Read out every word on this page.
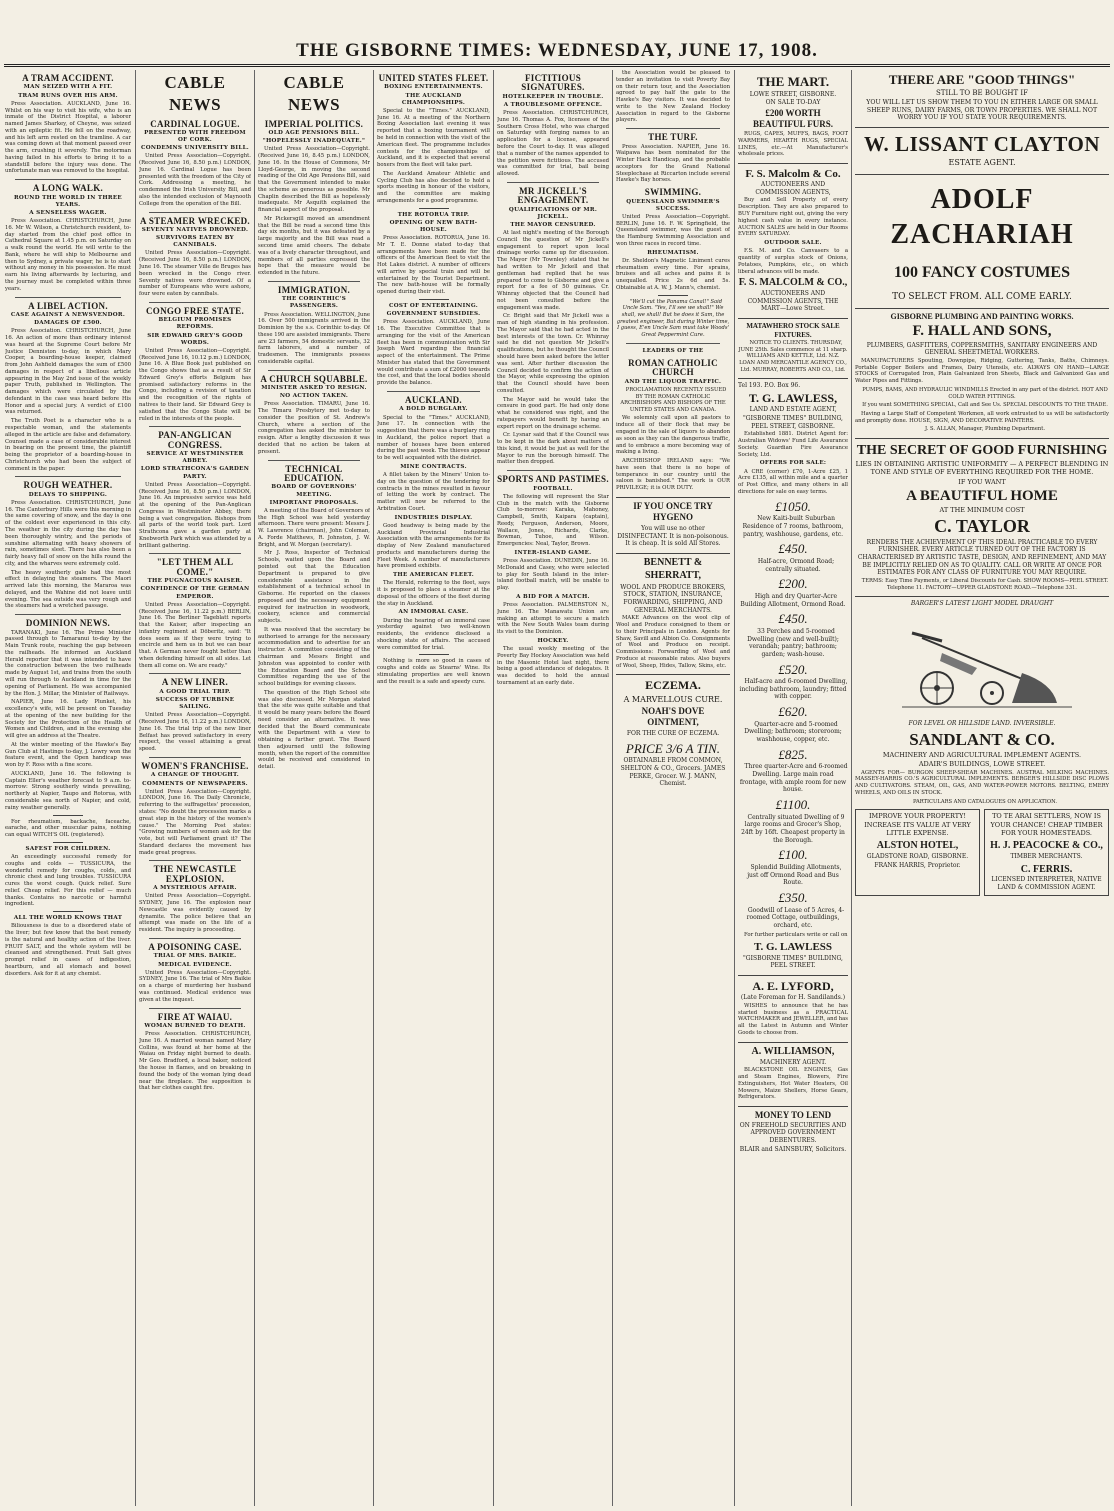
THE GISBORNE TIMES: WEDNESDAY, JUNE 17, 1908.
A TRAM ACCIDENT.
MAN SEIZED WITH A FIT.
TRAM RUNS OVER HIS ARM.

Press Association. AUCKLAND, June 16. Whilst on his way to visit his wife, who is an inmate of the District Hospital, a laborer named James Sharkey, of Cheyne, was seized with an epileptic fit. He fell on the roadway, and his left arm rested on the tramline. A car was coming down at that moment passed over the arm, crushing it severely. The motorman having failed in his efforts to bring it to a standstill before the injury was done. The unfortunate man was removed to the hospital.

A LONG WALK.
ROUND THE WORLD IN THREE YEARS.
A SENSELESS WAGER.

Press Association. CHRISTCHURCH, June 16. Mr W. Wilson, a Christchurch resident, to-day started from the chief post office in Cathedral Square at 1.45 p.m. on Saturday on a walk round the world. He will write to the Bank, where he will ship to Melbourne and then to Sydney, a private wager, he is to start without any money in his possession. He must earn his living afterwards by lecturing, and the journey must be completed within three years.

A LIBEL ACTION.
CASE AGAINST A NEWSVENDOR.
DAMAGES OF £500.

Press Association. CHRISTCHURCH, June 16. An action of more than ordinary interest was heard at the Supreme Court before Mr Justice Denniston to-day, in which Mary Cooper, a boarding-house keeper, claimed from John Ashfield damages the sum of £500 damages in respect of a libellous article appearing in the May 2nd issue of the weekly paper Truth, published in Wellington. The damages which were circulated by the defendant in the case was heard before His Honor and a special jury. A verdict of £100 was returned.

The Truth Poet is a character who is a respectable woman, and the statements alleged in the article are false and defamatory. Counsel made a case of considerable interest in bearing on the present time, the plaintiff being the proprietor of a boarding-house in Christchurch who had been the subject of comment in the paper.

ROUGH WEATHER.
DELAYS TO SHIPPING.

Press Association. CHRISTCHURCH, June 16. The Canterbury Hills were this morning in the same covering of snow, and the day is one of the coldest ever experienced in this city. The weather in the city during the day has been thoroughly wintry, and the periods of sunshine alternating with heavy showers of rain, sometimes sleet. There has also been a fairly heavy fall of snow on the hills round the city, and the wharves were extremely cold.

The heavy southerly gale had the most effect in delaying the steamers. The Maori arrived late this morning, the Mararoa was delayed, and the Wahine did not leave until evening. The sea outside was very rough and the steamers had a wretched passage.

DOMINION NEWS.

TARANAKI, June 16. The Prime Minister passed through to Tamaranui to-day by the Main Trunk route, reaching the gap between the railheads. He informed an Auckland Herald reporter that it was intended to have the construction between the two railheads made by August 1st, and trains from the south will run through to Auckland in time for the opening of Parliament. He was accompanied by the Hon. J. Millar, the Minister of Railways.

NAPIER, June 16. Lady Plunket, his excellency's wife, will be present on Tuesday at the opening of the new building for the Society for the Protection of the Health of Women and Children, and in the evening she will give an address at the Theatre.

At the winter meeting of the Hawke's Bay Gun Club at Hastings to-day, J. Lowry won the feature event, and the Open handicap was won by F. Ross with a fine score.

AUCKLAND, June 16. The following is Captain Eller's weather forecast to 9 a.m. to-morrow: Strong southerly winds prevailing, northerly at Napier, Taupo and Rotorua, with considerable sea north of Napier, and cold, rainy weather generally.

For rheumatism, backache, faceache, earache, and other muscular pains, nothing can equal WITCH'S OIL (registered).

SAFEST FOR CHILDREN.

An exceedingly successful remedy for coughs and colds — TUSSICURA, the wonderful remedy for coughs, colds, and chronic chest and lung troubles. TUSSICURA cures the worst cough. Quick relief. Sure relief. Cheap relief. For this relief — much thanks. Contains no narcotic or harmful ingredient.

ALL THE WORLD KNOWS THAT

Biliousness is due to a disordered state of the liver; but few know that the best remedy is the natural and healthy action of the liver. FRUIT SALT, and the whole system will be cleansed and strengthened. Fruit Salt gives prompt relief in cases of indigestion, heartburn, and all stomach and bowel disorders. Ask for it at any chemist.

CABLE NEWS
CARDINAL LOGUE.
PRESENTED WITH FREEDOM OF CORK.
CONDEMNS UNIVERSITY BILL.

United Press Association—Copyright. (Received June 16, 8.50 p.m.) LONDON, June 16. Cardinal Logue has been presented with the freedom of the City of Cork. Addressing a meeting, he condemned the Irish University Bill, and also the intended exclusion of Maynooth College from the operation of the Bill.

A STEAMER WRECKED.
SEVENTY NATIVES DROWNED.
SURVIVORS EATEN BY CANNIBALS.

United Press Association—Copyright. (Received June 16, 8.50 p.m.) LONDON, June 16. The steamer Ville de Bruges has been wrecked in the Congo river. Seventy natives were drowned. Of a number of Europeans who were ashore, four were eaten by cannibals.

CONGO FREE STATE.
BELGIUM PROMISES REFORMS.
SIR EDWARD GREY'S GOOD WORDS.

United Press Association—Copyright. (Received June 16, 10.12 p.m.) LONDON, June 16. A Blue Book just published on the Congo shows that as a result of Sir Edward Grey's efforts Belgium has promised satisfactory reforms in the Congo, including a revision of taxation and the recognition of the rights of natives to their land. Sir Edward Grey is satisfied that the Congo State will be ruled in the interests of the people.

PAN-ANGLICAN CONGRESS.
SERVICE AT WESTMINSTER ABBEY.
LORD STRATHCONA'S GARDEN PARTY.

United Press Association—Copyright. (Received June 16, 8.50 p.m.) LONDON, June 16. An impressive service was held at the opening of the Pan-Anglican Congress in Westminster Abbey, there being a vast congregation. Bishops from all parts of the world took part. Lord Strathcona gave a garden party at Knebworth Park which was attended by a brilliant gathering.

"LET THEM ALL COME."
THE PUGNACIOUS KAISER.
CONFIDENCE OF THE GERMAN EMPEROR.

United Press Association—Copyright. (Received June 16, 11.22 p.m.) BERLIN, June 16. The Berliner Tageblatt reports that the Kaiser, after inspecting an infantry regiment at Döberitz, said: "It does seem as if they were trying to encircle and hem us in but we can bear that. A German never fought better than when defending himself on all sides. Let them all come on. We are ready."

A NEW LINER.
A GOOD TRIAL TRIP.
SUCCESS OF TURBINE SAILING.

United Press Association—Copyright. (Received June 16, 11.22 p.m.) LONDON, June 16. The trial trip of the new liner Belfast has proved satisfactory in every respect, the vessel attaining a great speed.

WOMEN'S FRANCHISE.
A CHANGE OF THOUGHT.
COMMENTS OF NEWSPAPERS.

United Press Association—Copyright. LONDON, June 16. The Daily Chronicle, referring to the suffragettes' procession, states: "No doubt the procession marks a great step in the history of the women's cause." The Morning Post states: "Growing numbers of women ask for the vote, but will Parliament grant it? The Standard declares the movement has made great progress.

THE NEWCASTLE EXPLOSION.
A MYSTERIOUS AFFAIR.

United Press Association—Copyright. SYDNEY, June 16. The explosion near Newcastle was evidently caused by dynamite. The police believe that an attempt was made on the life of a resident. The inquiry is proceeding.

A POISONING CASE.
TRIAL OF MRS. BAIKIE.
MEDICAL EVIDENCE.

United Press Association—Copyright. SYDNEY, June 16. The trial of Mrs Baikie on a charge of murdering her husband was continued. Medical evidence was given at the inquest.

FIRE AT WAIAU.
WOMAN BURNED TO DEATH.

Press Association. CHRISTCHURCH, June 16. A married woman named Mary Collins, was found at her home at the Waiau on Friday night burned to death. Mr Geo. Bradford, a local baker, noticed the house in flames, and on breaking in found the body of the woman lying dead near the fireplace. The supposition is that her clothes caught fire.

CABLE NEWS
IMPERIAL POLITICS.
OLD AGE PENSIONS BILL.
"HOPELESSLY INADEQUATE."

United Press Association—Copyright. (Received June 16, 8.45 p.m.) LONDON, June 16. In the House of Commons, Mr Lloyd-George, in moving the second reading of the Old Age Pensions Bill, said that the Government intended to make the scheme as generous as possible. Mr Chaplin described the Bill as hopelessly inadequate. Mr Asquith explained the financial aspect of the proposal.

Mr Pickersgill moved an amendment that the Bill be read a second time this day six months, but it was defeated by a large majority and the Bill was read a second time amid cheers. The debate was of a lively character throughout, and members of all parties expressed the hope that the measure would be extended in the future.

IMMIGRATION.
THE CORINTHIC'S PASSENGERS.

Press Association. WELLINGTON, June 16. Over 500 immigrants arrived in the Dominion by the s.s. Corinthic to-day. Of these 190 are assisted immigrants. There are 23 farmers, 54 domestic servants, 32 farm laborers, and a number of tradesmen. The immigrants possess considerable capital.

A CHURCH SQUABBLE.
MINISTER ASKED TO RESIGN.
NO ACTION TAKEN.

Press Association. TIMARU, June 16. The Timaru Presbytery met to-day to consider the position of St. Andrew's Church, where a section of the congregation has asked the minister to resign. After a lengthy discussion it was decided that no action be taken at present.

TECHNICAL EDUCATION.
BOARD OF GOVERNORS' MEETING.
IMPORTANT PROPOSALS.

A meeting of the Board of Governors of the High School was held yesterday afternoon. There were present: Messrs J. W. Lawrence (chairman), John Coleman, A. Forde Matthews, R. Johnston, J. W. Bright, and W. Morgan (secretary).

Mr J. Ross, Inspector of Technical Schools, waited upon the Board and pointed out that the Education Department is prepared to give considerable assistance in the establishment of a technical school in Gisborne. He reported on the classes proposed and the necessary equipment required for instruction in woodwork, cookery, science and commercial subjects.

It was resolved that the secretary be authorised to arrange for the necessary accommodation and to advertise for an instructor. A committee consisting of the chairman and Messrs Bright and Johnston was appointed to confer with the Education Board and the School Committee regarding the use of the school buildings for evening classes.

The question of the High School site was also discussed. Mr Morgan stated that the site was quite suitable and that it would be many years before the Board need consider an alternative. It was decided that the Board communicate with the Department with a view to obtaining a further grant. The Board then adjourned until the following month, when the report of the committee would be received and considered in detail.

UNITED STATES FLEET.
BOXING ENTERTAINMENTS.
THE AUCKLAND CHAMPIONSHIPS.

Special to the "Times." AUCKLAND, June 16. At a meeting of the Northern Boxing Association last evening it was reported that a boxing tournament will be held in connection with the visit of the American fleet. The programme includes contests for the championships of Auckland, and it is expected that several boxers from the fleet will take part.

The Auckland Amateur Athletic and Cycling Club has also decided to hold a sports meeting in honour of the visitors, and the committee are making arrangements for a good programme.

THE ROTORUA TRIP.
OPENING OF NEW BATH-HOUSE.

Press Association. ROTORUA, June 16. Mr T. E. Donne stated to-day that arrangements have been made for the officers of the American fleet to visit the Hot Lakes district. A number of officers will arrive by special train and will be entertained by the Tourist Department. The new bath-house will be formally opened during their visit.

COST OF ENTERTAINING.
GOVERNMENT SUBSIDIES.

Press Association. AUCKLAND, June 16. The Executive Committee that is arranging for the visit of the American fleet has been in communication with Sir Joseph Ward regarding the financial aspect of the entertainment. The Prime Minister has stated that the Government would contribute a sum of £2000 towards the cost, and that the local bodies should provide the balance.

AUCKLAND.
A BOLD BURGLARY.

Special to the "Times." AUCKLAND, June 17. In connection with the suggestion that there was a burglary ring in Auckland, the police report that a number of houses have been entered during the past week. The thieves appear to be well acquainted with the district.

MINE CONTRACTS.

A fillet taken by the Miners' Union to-day on the question of the tendering for contracts in the mines resulted in favour of letting the work by contract. The matter will now be referred to the Arbitration Court.

INDUSTRIES DISPLAY.

Good headway is being made by the Auckland Provincial Industrial Association with the arrangements for its display of New Zealand manufactured products and manufacturers during the Fleet Week. A number of manufacturers have promised exhibits.

THE AMERICAN FLEET.

The Herald, referring to the fleet, says it is proposed to place a steamer at the disposal of the officers of the fleet during the stay in Auckland.

AN IMMORAL CASE.

During the hearing of an immoral case yesterday against two well-known residents, the evidence disclosed a shocking state of affairs. The accused were committed for trial.

Nothing is more so good in cases of coughs and colds as Stearns' Wine. Its stimulating properties are well known and the result is a safe and speedy cure.

FICTITIOUS SIGNATURES.
HOTELKEEPER IN TROUBLE.
A TROUBLESOME OFFENCE.

Press Association. CHRISTCHURCH, June 16. Thomas A. Fox, licensee of the Southern Cross Hotel, who was charged on Saturday with forging names to an application for a license, appeared before the Court to-day. It was alleged that a number of the names appended to the petition were fictitious. The accused was committed for trial, bail being allowed.

MR JICKELL'S ENGAGEMENT.
QUALIFICATIONS OF MR. JICKELL.
THE MAYOR CENSURED.

At last night's meeting of the Borough Council the question of Mr Jickell's engagement to report upon local drainage works came up for discussion. The Mayor (Mr Townley) stated that he had written to Mr Jickell and that gentleman had replied that he was prepared to come to Gisborne and give a report for a fee of 50 guineas. Cr. Whinray objected that the Council had not been consulted before the engagement was made.

Cr. Bright said that Mr Jickell was a man of high standing in his profession. The Mayor said that he had acted in the best interests of the town. Cr. Whinray said he did not question Mr Jickell's qualifications, but he thought the Council should have been asked before the letter was sent. After further discussion the Council decided to confirm the action of the Mayor, while expressing the opinion that the Council should have been consulted.

The Mayor said he would take the censure in good part. He had only done what he considered was right, and the ratepayers would benefit by having an expert report on the drainage scheme.

Cr. Lysnar said that if the Council was to be kept in the dark about matters of this kind, it would be just as well for the Mayor to run the borough himself. The matter then dropped.

SPORTS AND PASTIMES.
FOOTBALL.

The following will represent the Star Club in the match with the Gisborne Club to-morrow: Karaka, Mahoney, Campbell, Smith, Kaipara (captain), Reedy, Ferguson, Anderson, Moore, Wallace, Jones, Richards, Clarke, Bowman, Tuhoe, and Wilson. Emergencies: Neal, Taylor, Brown.

INTER-ISLAND GAME.

Press Association. DUNEDIN, June 16. McDonald and Casey, who were selected to play for South Island in the inter-island football match, will be unable to play.

A BID FOR A MATCH.

Press Association. PALMERSTON N., June 16. The Manawatu Union are making an attempt to secure a match with the New South Wales team during its visit to the Dominion.

HOCKEY.

The usual weekly meeting of the Poverty Bay Hockey Association was held in the Masonic Hotel last night, there being a good attendance of delegates. It was decided to hold the annual tournament at an early date.

the Association would be pleased to tender an invitation to visit Poverty Bay on their return tour, and the Association agreed to pay half the gate to the Hawke's Bay visitors. It was decided to write to the New Zealand Hockey Association in regard to the Gisborne players.

THE TURF.

Press Association. NAPIER, June 16. Waipawa has been nominated for the Winter Hack Handicap, and the probable acceptors for the Grand National Steeplechase at Riccarton include several Hawke's Bay horses.

SWIMMING.
QUEENSLAND SWIMMER'S SUCCESS.

United Press Association—Copyright. BERLIN, June 16. F. W. Springfield, the Queensland swimmer, was the guest of the Hamburg Swimming Association and won three races in record time.

RHEUMATISM.

Dr. Sheldon's Magnetic Liniment cures rheumatism every time. For sprains, bruises and all aches and pains it is unequalled. Price 2s 6d and 5s. Obtainable at A. W. J. Mann's, chemist.

"We'll cut the Panama Canal!" Said Uncle Sam. "Yes, I'll see we shall!" We shall, we shall! But he does it Sam, the greatest engineer, But during Winter time, I guess, E'en Uncle Sam must take Woods' Great Peppermint Cure.

LEADERS OF THE
ROMAN CATHOLIC CHURCH
AND THE LIQUOR TRAFFIC.

PROCLAMATION RECENTLY ISSUED BY THE ROMAN CATHOLIC ARCHBISHOPS AND BISHOPS OF THE UNITED STATES AND CANADA.

We solemnly call upon all pastors to induce all of their flock that may be engaged in the sale of liquors to abandon as soon as they can the dangerous traffic, and to embrace a more becoming way of making a living.

ARCHBISHOP IRELAND says: "We have seen that there is no hope of temperance in our country until the saloon is banished." The work is OUR PRIVILEGE; it is OUR DUTY.

IF YOU ONCE TRY HYGENO
You will use no other DISINFECTANT. It is non-poisonous. It is cheap. It is sold All Stores.
BENNETT & SHERRATT,
WOOL AND PRODUCE BROKERS, STOCK, STATION, INSURANCE, FORWARDING, SHIPPING, AND GENERAL MERCHANTS.

MAKE Advances on the wool clip of Wool and Produce consigned to them or to their Principals in London. Agents for Shaw, Savill and Albion Co. Consignments of Wool and Produce on receipt. Commissions: Forwarding of Wool and Produce at reasonable rates. Also buyers of Wool, Sheep, Hides, Tallow, Skins, etc.

ECZEMA.
A MARVELLOUS CURE.
NOAH'S DOVE OINTMENT,
FOR THE CURE OF ECZEMA.
PRICE 3/6 A TIN.
OBTAINABLE FROM COMMON, SHELTON & CO., Grocers. JAMES PERKE, Grocer. W. J. MANN, Chemist.
THE MART.
LOWE STREET, GISBORNE.
ON SALE TO-DAY
£200 WORTH BEAUTIFUL FURS.

RUGS, CAPES, MUFFS, BAGS, FOOT WARMERS, HEARTH RUGS, SPECIAL LINES, etc.—At Manufacturer's wholesale prices.

F. S. Malcolm & Co.
AUCTIONEERS AND COMMISSION AGENTS,

Buy and Sell Property of every Description. They are also prepared to BUY Furniture right out, giving the very highest cash value in every instance. AUCTION SALES are held in Our Rooms EVERY SATURDAY.

OUTDOOR SALE.

F.S. M. and Co. Canvasers to a quantity of surplus stock of Onions, Potatoes, Pumpkins, etc., on which liberal advances will be made.

F. S. MALCOLM & CO.,
AUCTIONEERS AND COMMISSION AGENTS, THE MART—Lowe Street.
MATAWHERO STOCK SALE FIXTURES.

NOTICE TO CLIENTS. THURSDAY, JUNE 25th. Sales commence at 11 sharp. WILLIAMS AND KETTLE, Ltd. N.Z. LOAN AND MERCANTILE AGENCY CO., Ltd. MURRAY, ROBERTS AND CO., Ltd.

Tel 193. P.O. Box 96.
T. G. LAWLESS,
LAND AND ESTATE AGENT,
"GISBORNE TIMES" BUILDING, PEEL STREET, GISBORNE.

Established 1881. District Agent for: Australian Widows' Fund Life Assurance Society. Guardian Fire Assurance Society, Ltd.

OFFERS FOR SALE:

A CRE (corner) £70, 1-Acre £25, 1 Acre £135, all within mile and a quarter of Post Office, and many others in all directions for sale on easy terms.

£1050.

New Kaiti-built Suburban Residence of 7 rooms, bathroom, pantry, washhouse, gardens, etc.

£450.

Half-acre, Ormond Road; centrally situated.

£200.

High and dry Quarter-Acre Building Allotment, Ormond Road.

£450.

33 Perches and 5-roomed Dwelling (new and well-built); verandah; pantry; bathroom; garden; wash-house.

£520.

Half-acre and 6-roomed Dwelling, including bathroom, laundry; fitted with copper.

£620.

Quarter-acre and 5-roomed Dwelling; bathroom; storeroom; washhouse, copper, etc.

£825.

Three quarter-Acre and 6-roomed Dwelling. Large main road frontage, with ample room for new house.

£1100.

Centrally situated Dwelling of 9 large rooms and Grocer's Shop, 24ft by 16ft. Cheapest property in the Borough.

£100.

Splendid Building Allotments, just off Ormond Road and Bus Route.

£350.

Goodwill of Lease of 5 Acres, 4-roomed Cottage, outbuildings, orchard, etc.

For further particulars write or call on

T. G. LAWLESS
"GISBORNE TIMES" BUILDING, PEEL STREET.
A. E. LYFORD,
(Late Foreman for H. Sandilands.)

WISHES to announce that he has started business as a PRACTICAL WATCHMAKER and JEWELLER, and has all the Latest in Autumn and Winter Goods to choose from.

A. WILLIAMSON,
MACHINERY AGENT.

BLACKSTONE OIL ENGINES, Gas and Steam Engines, Blowers, Fire Extinguishers, Hot Water Heaters, Oil Mowers, Maize Shellers, Horse Gears, Refrigerators.

MONEY TO LEND
ON FREEHOLD SECURITIES AND APPROVED GOVERNMENT DEBENTURES.
BLAIR and SAINSBURY, Solicitors.
THERE ARE "GOOD THINGS"
STILL TO BE BOUGHT IF
YOU WILL LET US SHOW THEM TO YOU IN EITHER LARGE OR SMALL SHEEP RUNS, DAIRY FARMS, OR TOWN PROPERTIES. WE SHALL NOT WORRY YOU IF YOU STATE YOUR REQUIREMENTS.
W. LISSANT CLAYTON
ESTATE AGENT.
ADOLF ZACHARIAH
100 FANCY COSTUMES
TO SELECT FROM. ALL COME EARLY.
GISBORNE PLUMBING AND PAINTING WORKS.
F. HALL AND SONS,
PLUMBERS, GASFITTERS, COPPERSMITHS, SANITARY ENGINEERS AND GENERAL SHEETMETAL WORKERS.

MANUFACTURERS Spouting, Downpipe, Ridging, Guttering, Tanks, Baths, Chimneys. Portable Copper Boilers and Frames, Dairy Utensils, etc. ALWAYS ON HAND—LARGE STOCKS of Corrugated Iron, Plain Galvanized Iron Sheets, Black and Galvanized Gas and Water Pipes and Fittings.

PUMPS, BAMS, AND HYDRAULIC WINDMILLS Erected in any part of the district. HOT AND COLD WATER FITTINGS.

If you want SOMETHING SPECIAL, Call and See Us. SPECIAL DISCOUNTS TO THE TRADE.

Having a Large Staff of Competent Workmen, all work entrusted to us will be satisfactorily and promptly done. HOUSE, SIGN, AND DECORATIVE PAINTERS.

J. S. ALLAN, Manager, Plumbing Department.

THE SECRET OF GOOD FURNISHING
LIES IN OBTAINING ARTISTIC UNIFORMITY — A PERFECT BLENDING IN TONE AND STYLE OF EVERYTHING REQUIRED FOR THE HOME.
IF YOU WANT
A BEAUTIFUL HOME
AT THE MINIMUM COST
C. TAYLOR
RENDERS THE ACHIEVEMENT OF THIS IDEAL PRACTICABLE TO EVERY FURNISHER. EVERY ARTICLE TURNED OUT OF THE FACTORY IS CHARACTERISED BY ARTISTIC TASTE, DESIGN, AND REFINEMENT, AND MAY BE IMPLICITLY RELIED ON AS TO QUALITY. CALL OR WRITE AT ONCE FOR ESTIMATES FOR ANY CLASS OF FURNITURE YOU MAY REQUIRE.

TERMS: Easy Time Payments, or Liberal Discounts for Cash. SHOW ROOMS—PEEL STREET. Telephone 11. FACTORY—UPPER GLADSTONE ROAD.—Telephone 331.

BARGER'S LATEST LIGHT MODEL DRAUGHT
FOR LEVEL OR HILLSIDE LAND. INVERSIBLE.
SANDLANT & CO.
MACHINERY AND AGRICULTURAL IMPLEMENT AGENTS.
ADAIR'S BUILDINGS, LOWE STREET.

AGENTS FOR— BURGON SHEEP-SHEAR MACHINES. AUSTRAL MILKING MACHINES. MASSEY-HARRIS CO.'S AGRICULTURAL IMPLEMENTS. BERGER'S HILLSIDE DISC PLOWS AND CULTIVATORS. STEAM, OIL, GAS, AND WATER-POWER MOTORS. BELTING, EMERY WHEELS, AND OILS IN STOCK.

PARTICULARS AND CATALOGUES ON APPLICATION.

IMPROVE YOUR PROPERTY! INCREASE ITS VALUE AT VERY LITTLE EXPENSE.
ALSTON HOTEL,
GLADSTONE ROAD, GISBORNE.
FRANK HARRIS, Proprietor.
TO TE ARAI SETTLERS, NOW IS YOUR CHANCE! CHEAP TIMBER FOR YOUR HOMESTEADS.
H. J. PEACOCKE & CO.,
TIMBER MERCHANTS.
C. FERRIS.
LICENSED INTERPRETER, NATIVE LAND & COMMISSION AGENT.
